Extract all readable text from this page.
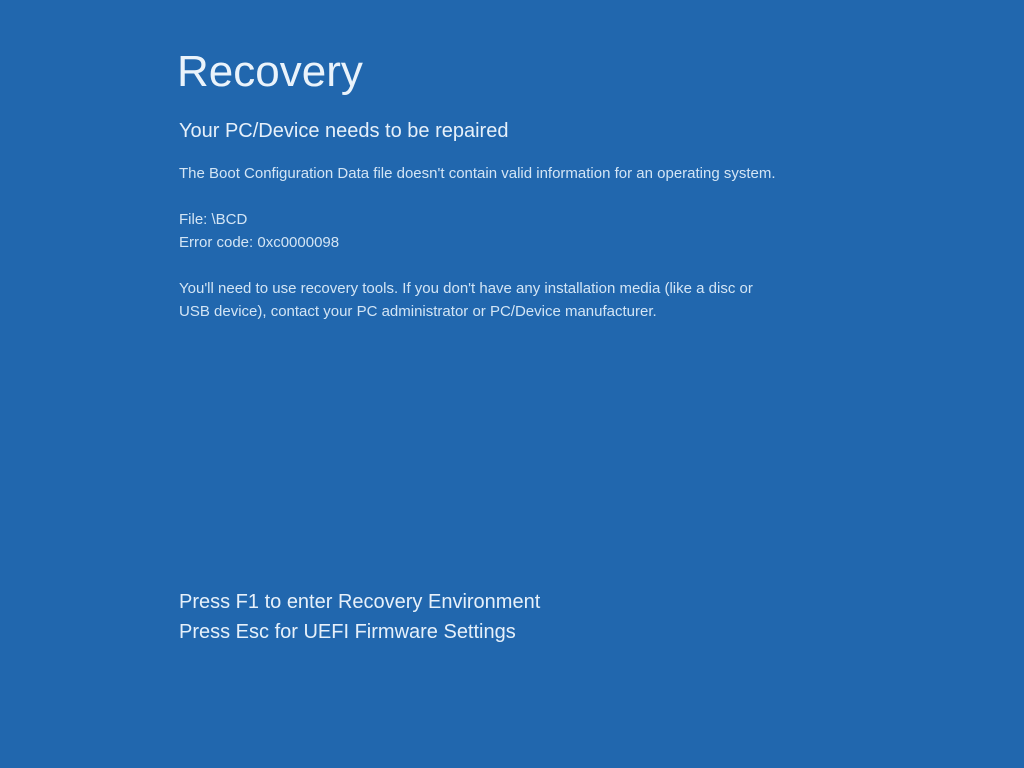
Recovery
Your PC/Device needs to be repaired
The Boot Configuration Data file doesn't contain valid information for an operating system.
File: \BCD
Error code: 0xc0000098
You'll need to use recovery tools. If you don't have any installation media (like a disc or USB device), contact your PC administrator or PC/Device manufacturer.

Press F1 to enter Recovery Environment

Press Esc for UEFI Firmware Settings
